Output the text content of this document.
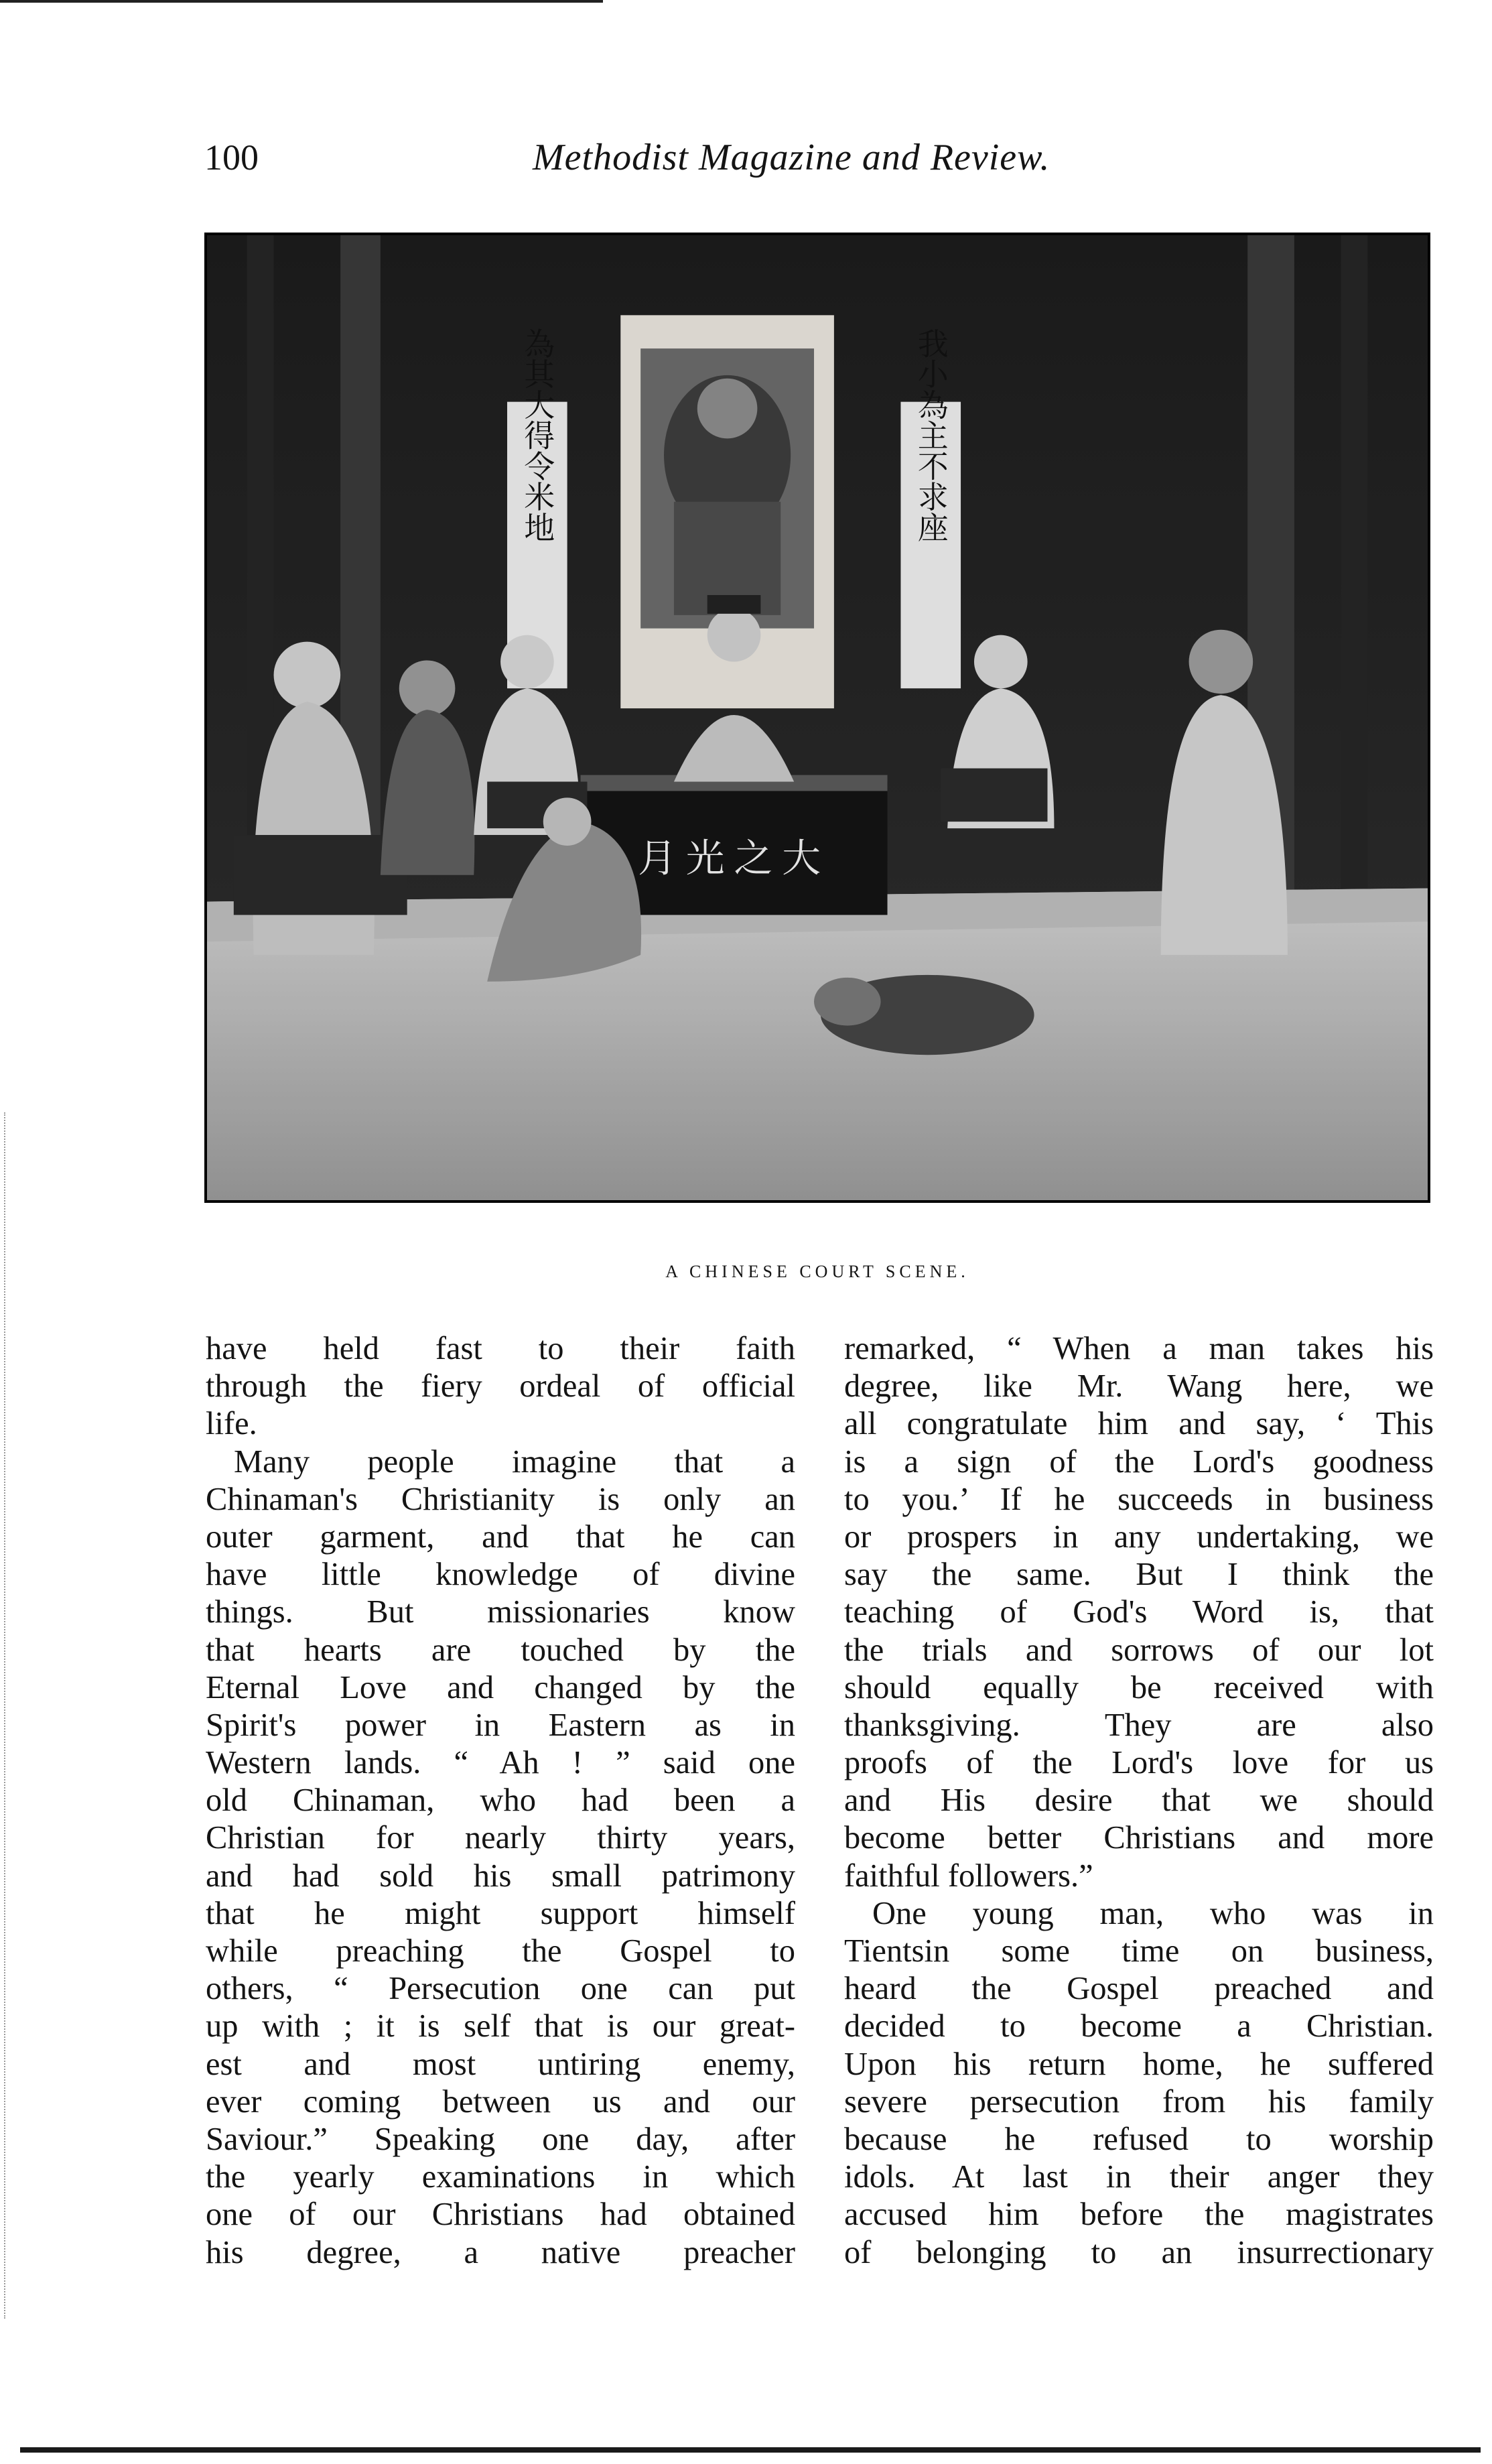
100	Methodist Magazine and Review.
為其大得令米地	我小為主不求座
月光之大
A CHINESE COURT SCENE.
have held fast to their faith
through the fiery ordeal of official
life.
Many people imagine that a
Chinaman's Christianity is only an
outer garment, and that he can
have little knowledge of divine
things. But missionaries know
that hearts are touched by the
Eternal Love and changed by the
Spirit's power in Eastern as in
Western lands. “ Ah ! ” said one
old Chinaman, who had been a
Christian for nearly thirty years,
and had sold his small patrimony
that he might support himself
while preaching the Gospel to
others, “ Persecution one can put
up with ; it is self that is our great-
est and most untiring enemy,
ever coming between us and our
Saviour.” Speaking one day, after
the yearly examinations in which
one of our Christians had obtained
his degree, a native preacher
remarked, “ When a man takes his
degree, like Mr. Wang here, we
all congratulate him and say, ‘ This
is a sign of the Lord's goodness
to you.’ If he succeeds in business
or prospers in any undertaking, we
say the same. But I think the
teaching of God's Word is, that
the trials and sorrows of our lot
should equally be received with
thanksgiving. They are also
proofs of the Lord's love for us
and His desire that we should
become better Christians and more
faithful followers.”
One young man, who was in
Tientsin some time on business,
heard the Gospel preached and
decided to become a Christian.
Upon his return home, he suffered
severe persecution from his family
because he refused to worship
idols. At last in their anger they
accused him before the magistrates
of belonging to an insurrectionary
